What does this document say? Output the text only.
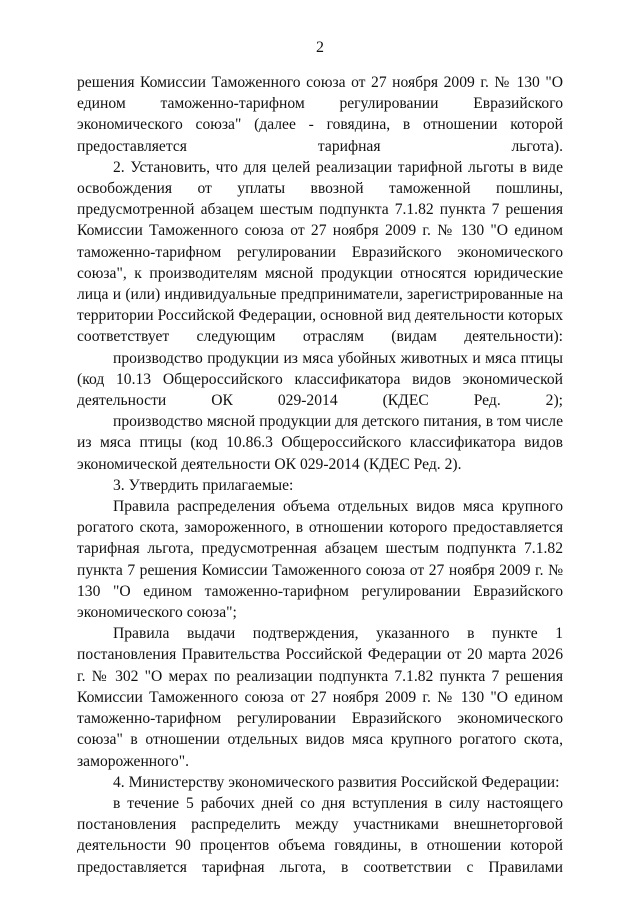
2

решения Комиссии Таможенного союза от 27 ноября 2009 г. № 130 "О едином таможенно-тарифном регулировании Евразийского экономического союза" (далее - говядина, в отношении которой предоставляется тарифная льгота).

2. Установить, что для целей реализации тарифной льготы в виде освобождения от уплаты ввозной таможенной пошлины, предусмотренной абзацем шестым подпункта 7.1.82 пункта 7 решения Комиссии Таможенного союза от 27 ноября 2009 г. № 130 "О едином таможенно-тарифном регулировании Евразийского экономического союза", к производителям мясной продукции относятся юридические лица и (или) индивидуальные предприниматели, зарегистрированные на территории Российской Федерации, основной вид деятельности которых соответствует следующим отраслям (видам деятельности):

производство продукции из мяса убойных животных и мяса птицы (код 10.13 Общероссийского классификатора видов экономической деятельности ОК 029-2014 (КДЕС Ред. 2);

производство мясной продукции для детского питания, в том числе из мяса птицы (код 10.86.3 Общероссийского классификатора видов экономической деятельности ОК 029-2014 (КДЕС Ред. 2).

3. Утвердить прилагаемые:

Правила распределения объема отдельных видов мяса крупного рогатого скота, замороженного, в отношении которого предоставляется тарифная льгота, предусмотренная абзацем шестым подпункта 7.1.82 пункта 7 решения Комиссии Таможенного союза от 27 ноября 2009 г. № 130 "О едином таможенно-тарифном регулировании Евразийского экономического союза";

Правила выдачи подтверждения, указанного в пункте 1 постановления Правительства Российской Федерации от 20 марта 2026 г. № 302 "О мерах по реализации подпункта 7.1.82 пункта 7 решения Комиссии Таможенного союза от 27 ноября 2009 г. № 130 "О едином таможенно-тарифном регулировании Евразийского экономического союза" в отношении отдельных видов мяса крупного рогатого скота, замороженного".

4. Министерству экономического развития Российской Федерации:

в течение 5 рабочих дней со дня вступления в силу настоящего постановления распределить между участниками внешнеторговой деятельности 90 процентов объема говядины, в отношении которой предоставляется тарифная льгота, в соответствии с Правилами
